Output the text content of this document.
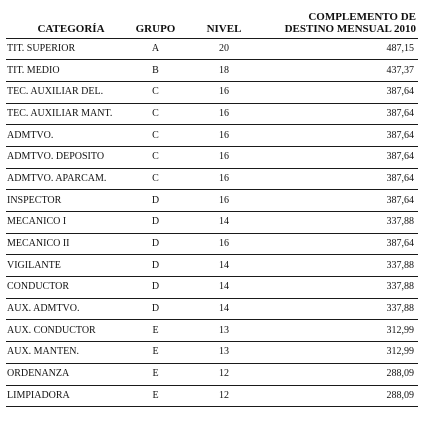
CATEGORÍA	GRUPO	NIVEL	COMPLEMENTO DE
DESTINO MENSUAL 2010
TIT. SUPERIOR	A	20	487,15
TIT. MEDIO	B	18	437,37
TEC. AUXILIAR DEL.	C	16	387,64
TEC. AUXILIAR MANT.	C	16	387,64
ADMTVO.	C	16	387,64
ADMTVO. DEPOSITO	C	16	387,64
ADMTVO. APARCAM.	C	16	387,64
INSPECTOR	D	16	387,64
MECANICO I	D	14	337,88
MECANICO II	D	16	387,64
VIGILANTE	D	14	337,88
CONDUCTOR	D	14	337,88
AUX. ADMTVO.	D	14	337,88
AUX. CONDUCTOR	E	13	312,99
AUX. MANTEN.	E	13	312,99
ORDENANZA	E	12	288,09
LIMPIADORA	E	12	288,09
